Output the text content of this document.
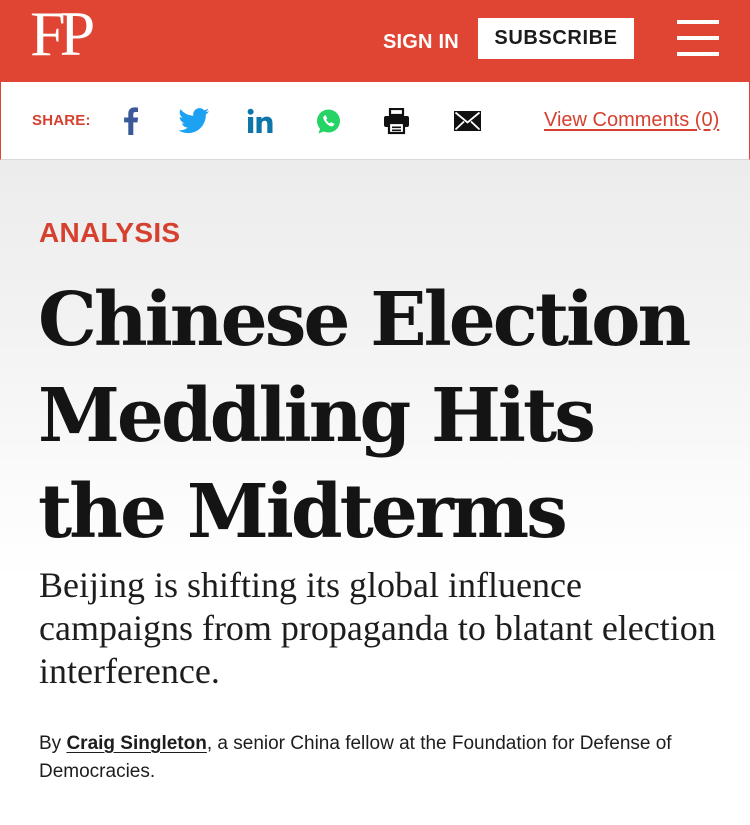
FP	SIGN IN	SUBSCRIBE
SHARE:	View Comments (0)
ANALYSIS
Chinese Election Meddling Hits the Midterms

Beijing is shifting its global influence campaigns from propaganda to blatant election interference.

By Craig Singleton, a senior China fellow at the Foundation for Defense of Democracies.
